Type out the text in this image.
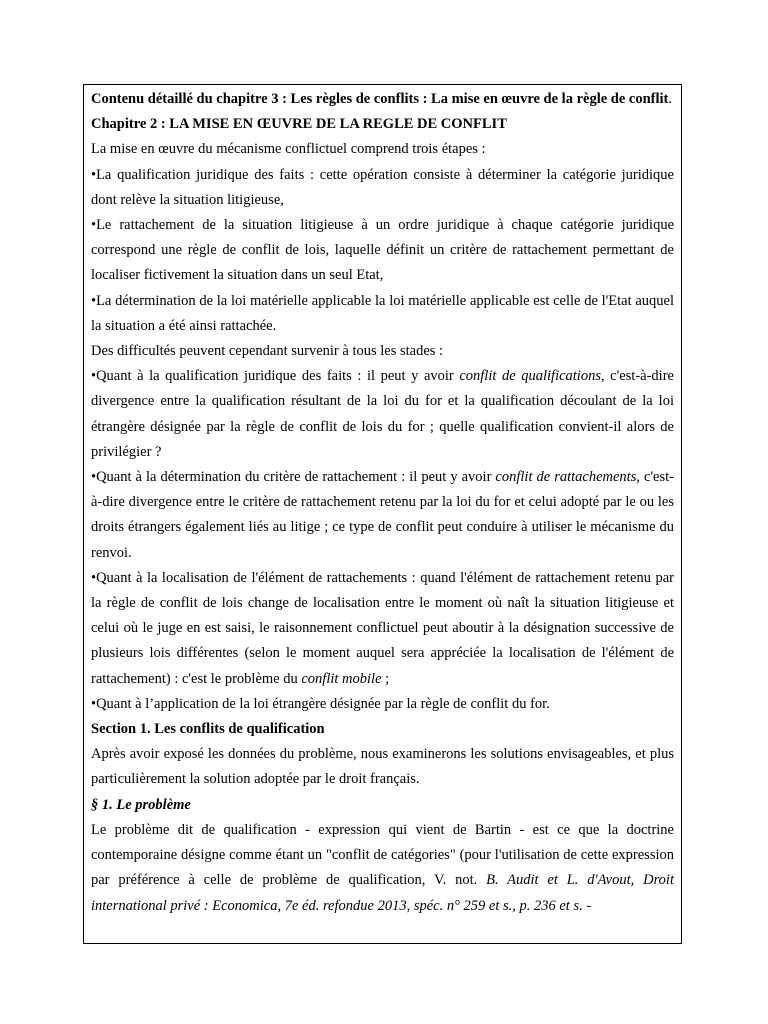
Contenu détaillé du chapitre 3 : Les règles de conflits : La mise en œuvre de la règle de conflit.

Chapitre 2 : LA MISE EN ŒUVRE DE LA REGLE DE CONFLIT

La mise en œuvre du mécanisme conflictuel comprend trois étapes :

•La qualification juridique des faits : cette opération consiste à déterminer la catégorie juridique dont relève la situation litigieuse,

•Le rattachement de la situation litigieuse à un ordre juridique à chaque catégorie juridique correspond une règle de conflit de lois, laquelle définit un critère de rattachement permettant de localiser fictivement la situation dans un seul Etat,

•La détermination de la loi matérielle applicable la loi matérielle applicable est celle de l'Etat auquel la situation a été ainsi rattachée.

Des difficultés peuvent cependant survenir à tous les stades :

•Quant à la qualification juridique des faits : il peut y avoir conflit de qualifications, c'est-à-dire divergence entre la qualification résultant de la loi du for et la qualification découlant de la loi étrangère désignée par la règle de conflit de lois du for ; quelle qualification convient-il alors de privilégier ?

•Quant à la détermination du critère de rattachement : il peut y avoir conflit de rattachements, c'est-à-dire divergence entre le critère de rattachement retenu par la loi du for et celui adopté par le ou les droits étrangers également liés au litige ; ce type de conflit peut conduire à utiliser le mécanisme du renvoi.

•Quant à la localisation de l'élément de rattachements : quand l'élément de rattachement retenu par la règle de conflit de lois change de localisation entre le moment où naît la situation litigieuse et celui où le juge en est saisi, le raisonnement conflictuel peut aboutir à la désignation successive de plusieurs lois différentes (selon le moment auquel sera appréciée la localisation de l'élément de rattachement) : c'est le problème du conflit mobile ;

•Quant à l’application de la loi étrangère désignée par la règle de conflit du for.

Section 1. Les conflits de qualification

Après avoir exposé les données du problème, nous examinerons les solutions envisageables, et plus particulièrement la solution adoptée par le droit français.

§ 1. Le problème

Le problème dit de qualification - expression qui vient de Bartin - est ce que la doctrine contemporaine désigne comme étant un "conflit de catégories" (pour l'utilisation de cette expression par préférence à celle de problème de qualification, V. not. B. Audit et L. d'Avout, Droit international privé : Economica, 7e éd. refondue 2013, spéc. n° 259 et s., p. 236 et s. -
